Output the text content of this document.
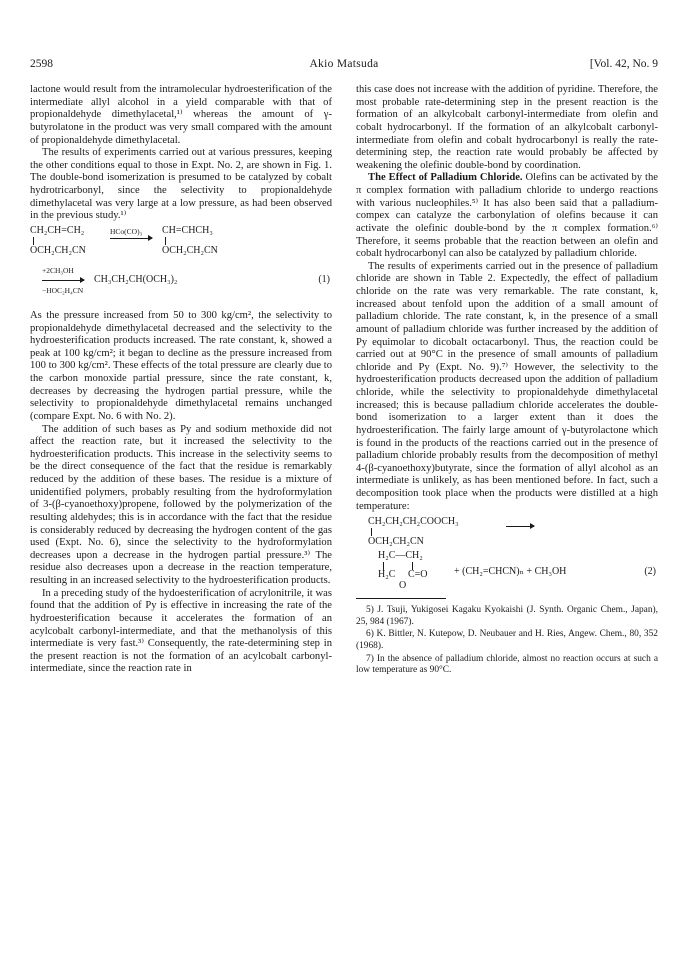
2598	Akio Matsuda	[Vol. 42, No. 9

lactone would result from the intramolecular hydroesterification of the intermediate allyl alcohol in a yield comparable with that of propionaldehyde dimethylacetal,¹⁾ whereas the amount of γ-butyrolatone in the product was very small compared with the amount of propionaldehyde dimethylacetal.

The results of experiments carried out at various pressures, keeping the other conditions equal to those in Expt. No. 2, are shown in Fig. 1. The double-bond isomerization is presumed to be catalyzed by cobalt hydrotricarbonyl, since the selectivity to propionaldehyde dimethylacetal was very large at a low pressure, as had been observed in the previous study.¹⁾

CH₂CH=CH₂
OCH₂CH₂CN
HCo(CO)₃ CH=CHCH₃
OCH₂CH₂CN
+2CH₃OH
−HOC₂H₄CN
CH₃CH₂CH(OCH₃)₂	(1)

As the pressure increased from 50 to 300 kg/cm², the selectivity to propionaldehyde dimethylacetal decreased and the selectivity to the hydroesterification products increased. The rate constant, k, showed a peak at 100 kg/cm²; it began to decline as the pressure increased from 100 to 300 kg/cm². These effects of the total pressure are clearly due to the carbon monoxide partial pressure, since the rate constant, k, decreases by decreasing the hydrogen partial pressure, while the selectivity to propionaldehyde dimethylacetal remains unchanged (compare Expt. No. 6 with No. 2).

The addition of such bases as Py and sodium methoxide did not affect the reaction rate, but it increased the selectivity to the hydroesterification products. This increase in the selectivity seems to be the direct consequence of the fact that the residue is remarkably reduced by the addition of these bases. The residue is a mixture of unidentified polymers, probably resulting from the hydroformylation of 3-(β-cyanoethoxy)propene, followed by the polymerization of the resulting aldehydes; this is in accordance with the fact that the residue is considerably reduced by decreasing the hydrogen content of the gas used (Expt. No. 6), since the selectivity to the hydroformylation decreases upon a decrease in the hydrogen partial pressure.³⁾ The residue also decreases upon a decrease in the reaction temperature, resulting in an increased selectivity to the hydroesterification products.

In a preceding study of the hydoesterification of acrylonitrile, it was found that the addition of Py is effective in increasing the rate of the hydroesterification because it accelerates the formation of an acylcobalt carbonyl-intermediate, and that the methanolysis of this intermediate is very fast.³⁾ Consequently, the rate-determining step in the present reaction is not the formation of an acylcobalt carbonyl-intermediate, since the reaction rate in

this case does not increase with the addition of pyridine. Therefore, the most probable rate-determining step in the present reaction is the formation of an alkylcobalt carbonyl-intermediate from olefin and cobalt hydrocarbonyl. If the formation of an alkylcobalt carbonyl-intermediate from olefin and cobalt hydrocarbonyl is really the rate-determining step, the reaction rate would probably be affected by weakening the olefinic double-bond by coordination.

The Effect of Palladium Chloride. Olefins can be activated by the π complex formation with palladium chloride to undergo reactions with various nucleophiles.⁵⁾ It has also been said that a palladium-compex can catalyze the carbonylation of olefins because it can activate the olefinic double-bond by the π complex formation.⁶⁾ Therefore, it seems probable that the reaction between an olefin and cobalt hydrocarbonyl can also be catalyzed by palladium chloride.

The results of experiments carried out in the presence of palladium chloride are shown in Table 2. Expectedly, the effect of palladium chloride on the rate was very remarkable. The rate constant, k, increased about tenfold upon the addition of a small amount of palladium chloride. The rate constant, k, in the presence of a small amount of palladium chloride was further increased by the addition of Py equimolar to dicobalt octacarbonyl. Thus, the reaction could be carried out at 90°C in the presence of small amounts of palladium chloride and Py (Expt. No. 9).⁷⁾ However, the selectivity to the hydroesterification products decreased upon the addition of palladium chloride, while the selectivity to propionaldehyde dimethylacetal increased; this is because palladium chloride accelerates the double-bond isomerization to a larger extent than it does the hydroesterification. The fairly large amount of γ-butyrolactone which is found in the products of the reactions carried out in the presence of palladium chloride probably results from the decomposition of methyl 4-(β-cyanoethoxy)butyrate, since the formation of allyl alcohol as an intermediate is unlikely, as has been mentioned before. In fact, such a decomposition took place when the products were distilled at a high temperature:

CH₂CH₂CH₂COOCH₃
OCH₂CH₂CN
H₂C—CH₂
H₂C C=O
O
+ (CH₂=CHCN)ₙ + CH₃OH	(2)

5) J. Tsuji, Yukigosei Kagaku Kyokaishi (J. Synth. Organic Chem., Japan), 25, 984 (1967).

6) K. Bittler, N. Kutepow, D. Neubauer and H. Ries, Angew. Chem., 80, 352 (1968).

7) In the absence of palladium chloride, almost no reaction occurs at such a low temperature as 90°C.
